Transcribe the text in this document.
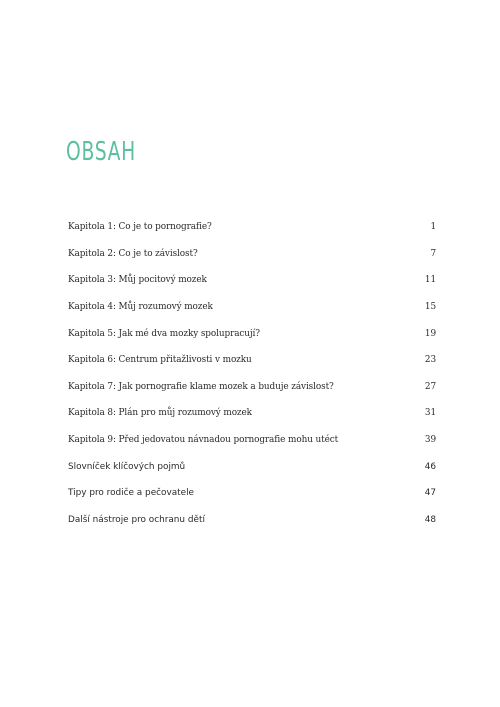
OBSAH
Kapitola 1: Co je to pornografie?	1
Kapitola 2: Co je to závislost?	7
Kapitola 3: Můj pocitový mozek	11
Kapitola 4: Můj rozumový mozek	15
Kapitola 5: Jak mé dva mozky spolupracují?	19
Kapitola 6: Centrum přitažlivosti v mozku	23
Kapitola 7: Jak pornografie klame mozek a buduje závislost?	27
Kapitola 8: Plán pro můj rozumový mozek	31
Kapitola 9: Před jedovatou návnadou pornografie mohu utéct	39
Slovníček klíčových pojmů	46
Tipy pro rodiče a pečovatele	47
Další nástroje pro ochranu dětí	48
